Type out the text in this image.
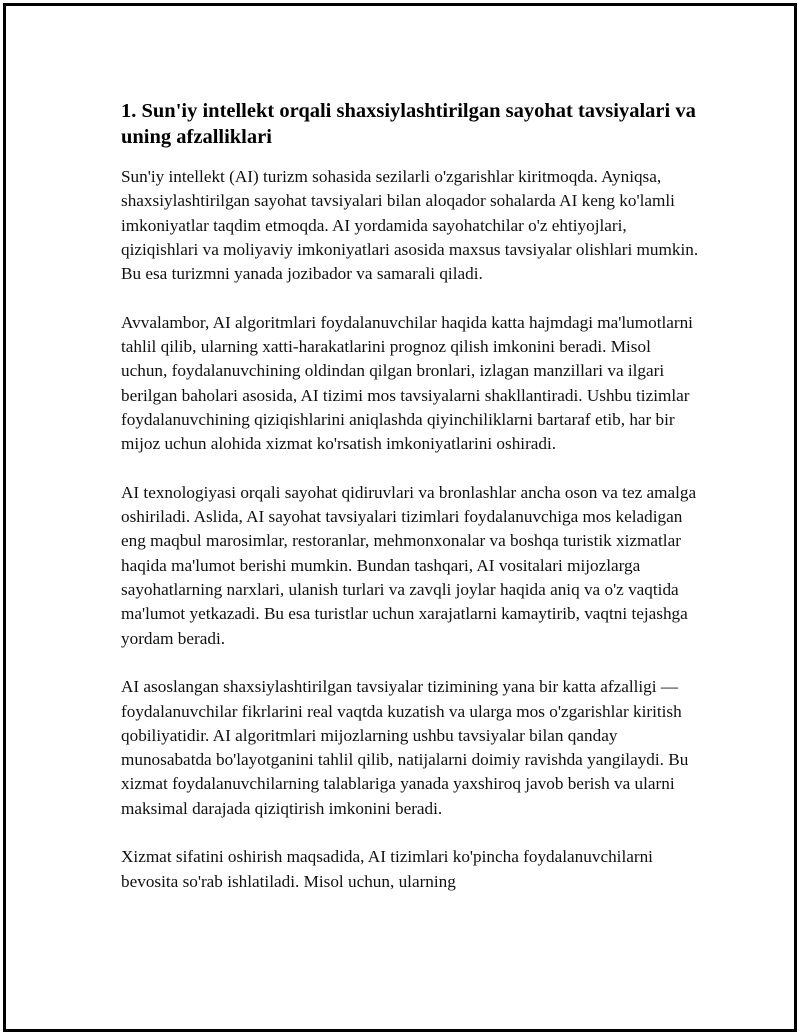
1. Sun'iy intellekt orqali shaxsiylashtirilgan sayohat tavsiyalari va uning afzalliklari

Sun'iy intellekt (AI) turizm sohasida sezilarli o'zgarishlar kiritmoqda. Ayniqsa, shaxsiylashtirilgan sayohat tavsiyalari bilan aloqador sohalarda AI keng ko'lamli imkoniyatlar taqdim etmoqda. AI yordamida sayohatchilar o'z ehtiyojlari, qiziqishlari va moliyaviy imkoniyatlari asosida maxsus tavsiyalar olishlari mumkin. Bu esa turizmni yanada jozibador va samarali qiladi.

Avvalambor, AI algoritmlari foydalanuvchilar haqida katta hajmdagi ma'lumotlarni tahlil qilib, ularning xatti-harakatlarini prognoz qilish imkonini beradi. Misol uchun, foydalanuvchining oldindan qilgan bronlari, izlagan manzillari va ilgari berilgan baholari asosida, AI tizimi mos tavsiyalarni shakllantiradi. Ushbu tizimlar foydalanuvchining qiziqishlarini aniqlashda qiyinchiliklarni bartaraf etib, har bir mijoz uchun alohida xizmat ko'rsatish imkoniyatlarini oshiradi.

AI texnologiyasi orqali sayohat qidiruvlari va bronlashlar ancha oson va tez amalga oshiriladi. Aslida, AI sayohat tavsiyalari tizimlari foydalanuvchiga mos keladigan eng maqbul marosimlar, restoranlar, mehmonxonalar va boshqa turistik xizmatlar haqida ma'lumot berishi mumkin. Bundan tashqari, AI vositalari mijozlarga sayohatlarning narxlari, ulanish turlari va zavqli joylar haqida aniq va o'z vaqtida ma'lumot yetkazadi. Bu esa turistlar uchun xarajatlarni kamaytirib, vaqtni tejashga yordam beradi.

AI asoslangan shaxsiylashtirilgan tavsiyalar tizimining yana bir katta afzalligi — foydalanuvchilar fikrlarini real vaqtda kuzatish va ularga mos o'zgarishlar kiritish qobiliyatidir. AI algoritmlari mijozlarning ushbu tavsiyalar bilan qanday munosabatda bo'layotganini tahlil qilib, natijalarni doimiy ravishda yangilaydi. Bu xizmat foydalanuvchilarning talablariga yanada yaxshiroq javob berish va ularni maksimal darajada qiziqtirish imkonini beradi.

Xizmat sifatini oshirish maqsadida, AI tizimlari ko'pincha foydalanuvchilarni bevosita so'rab ishlatiladi. Misol uchun, ularning
